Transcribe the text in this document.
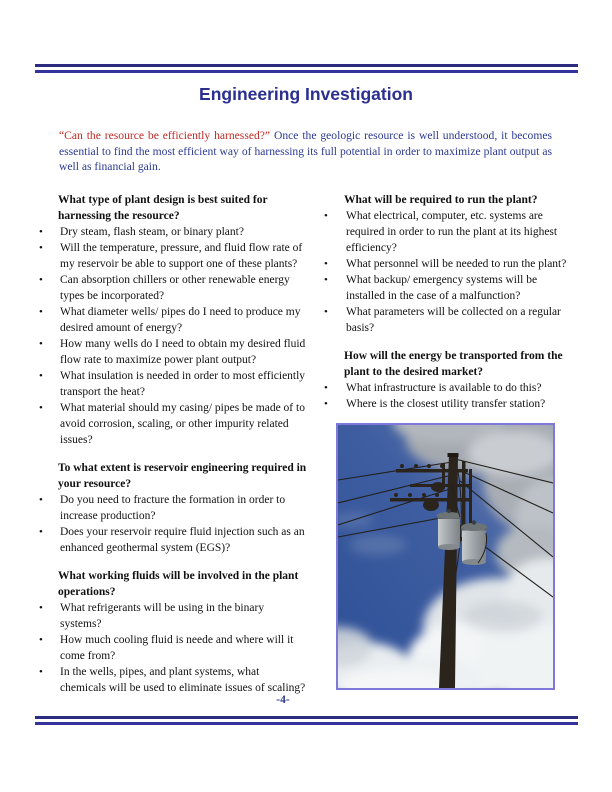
Engineering Investigation

“Can the resource be efficiently harnessed?” Once the geologic resource is well understood, it becomes essential to find the most efficient way of harnessing its full potential in order to maximize plant output as well as financial gain.

What type of plant design is best suited for harnessing the resource?
• Dry steam, flash steam, or binary plant?
• Will the temperature, pressure, and fluid flow rate of my reservoir be able to support one of these plants?
• Can absorption chillers or other renewable energy types be incorporated?
• What diameter wells/ pipes do I need to produce my desired amount of energy?
• How many wells do I need to obtain my desired fluid flow rate to maximize power plant output?
• What insulation is needed in order to most efficiently transport the heat?
• What material should my casing/ pipes be made of to avoid corrosion, scaling, or other impurity related issues?
To what extent is reservoir engineering required in your resource?
• Do you need to fracture the formation in order to increase production?
• Does your reservoir require fluid injection such as an enhanced geothermal system (EGS)?
What working fluids will be involved in the plant operations?
• What refrigerants will be using in the binary systems?
• How much cooling fluid is neede and where will it come from?
• In the wells, pipes, and plant systems, what chemicals will be used to eliminate issues of scaling?
What will be required to run the plant?
• What electrical, computer, etc. systems are required in order to run the plant at its highest efficiency?
• What personnel will be needed to run the plant?
• What backup/ emergency systems will be installed in the case of a malfunction?
• What parameters will be collected on a regular basis?
How will the energy be transported from the plant to the desired market?
• What infrastructure is available to do this?
• Where is the closest utility transfer station?
-4-
